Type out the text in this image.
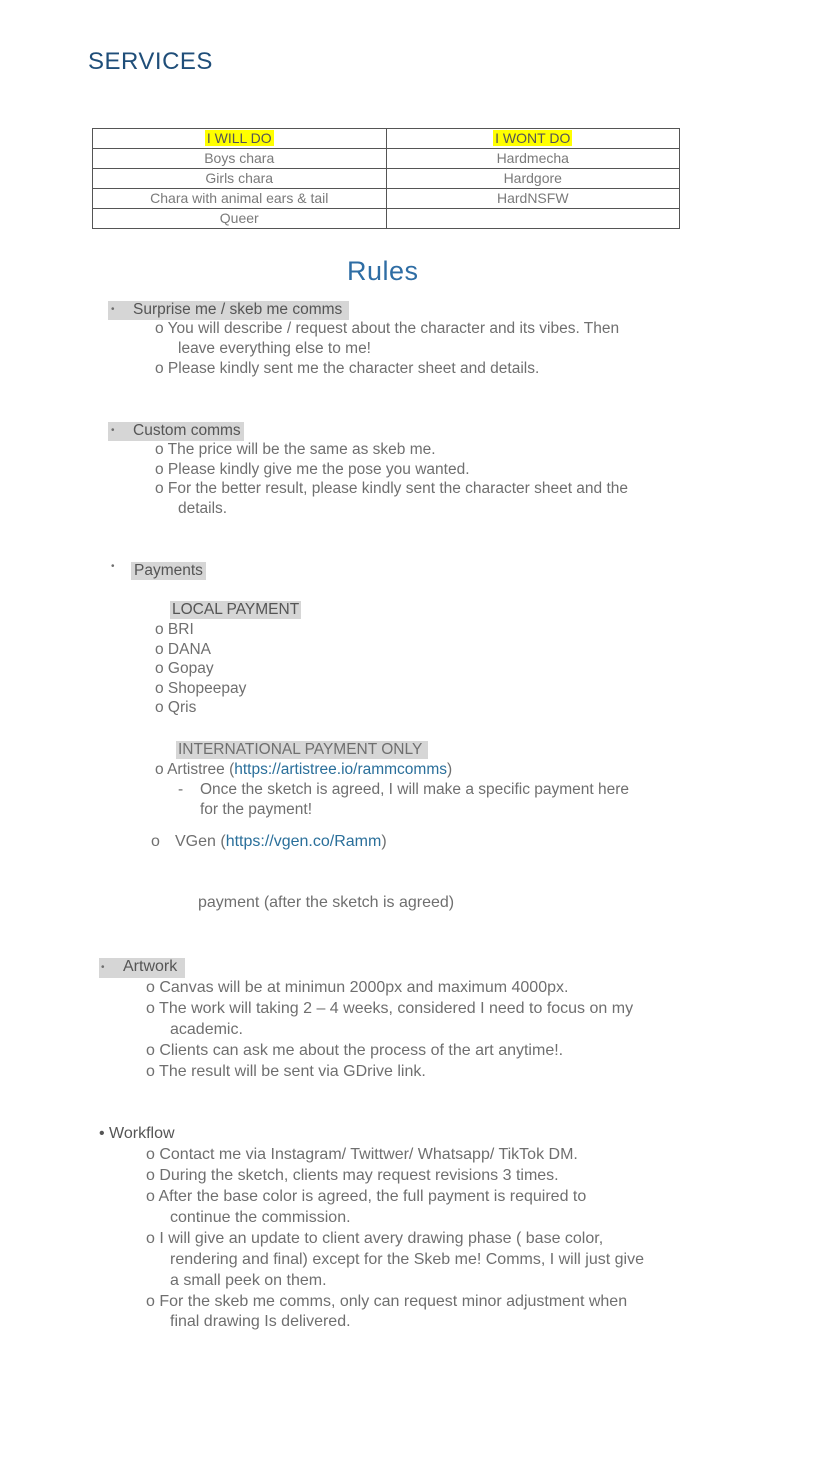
SERVICES
I WILL DO	I WONT DO
Boys chara	Hardmecha
Girls chara	Hardgore
Chara with animal ears & tail	HardNSFW
Queer	
Rules
• Surprise me / skeb me comms
o You will describe / request about the character and its vibes. Then
leave everything else to me!
o Please kindly sent me the character sheet and details.
• Custom comms
o The price will be the same as skeb me.
o Please kindly give me the pose you wanted.
o For the better result, please kindly sent the character sheet and the
details.
• Payments
LOCAL PAYMENT
o BRI
o DANA
o Gopay
o Shopeepay
o Qris
INTERNATIONAL PAYMENT ONLY
o Artistree (https://artistree.io/rammcomms)
- Once the sketch is agreed, I will make a specific payment here
for the payment!
o VGen (https://vgen.co/Ramm)
payment (after the sketch is agreed)
• Artwork
o Canvas will be at minimun 2000px and maximum 4000px.
o The work will taking 2 – 4 weeks, considered I need to focus on my
academic.
o Clients can ask me about the process of the art anytime!.
o The result will be sent via GDrive link.
• Workflow
o Contact me via Instagram/ Twittwer/ Whatsapp/ TikTok DM.
o During the sketch, clients may request revisions 3 times.
o After the base color is agreed, the full payment is required to
continue the commission.
o I will give an update to client avery drawing phase ( base color,
rendering and final) except for the Skeb me! Comms, I will just give
a small peek on them.
o For the skeb me comms, only can request minor adjustment when
final drawing Is delivered.
